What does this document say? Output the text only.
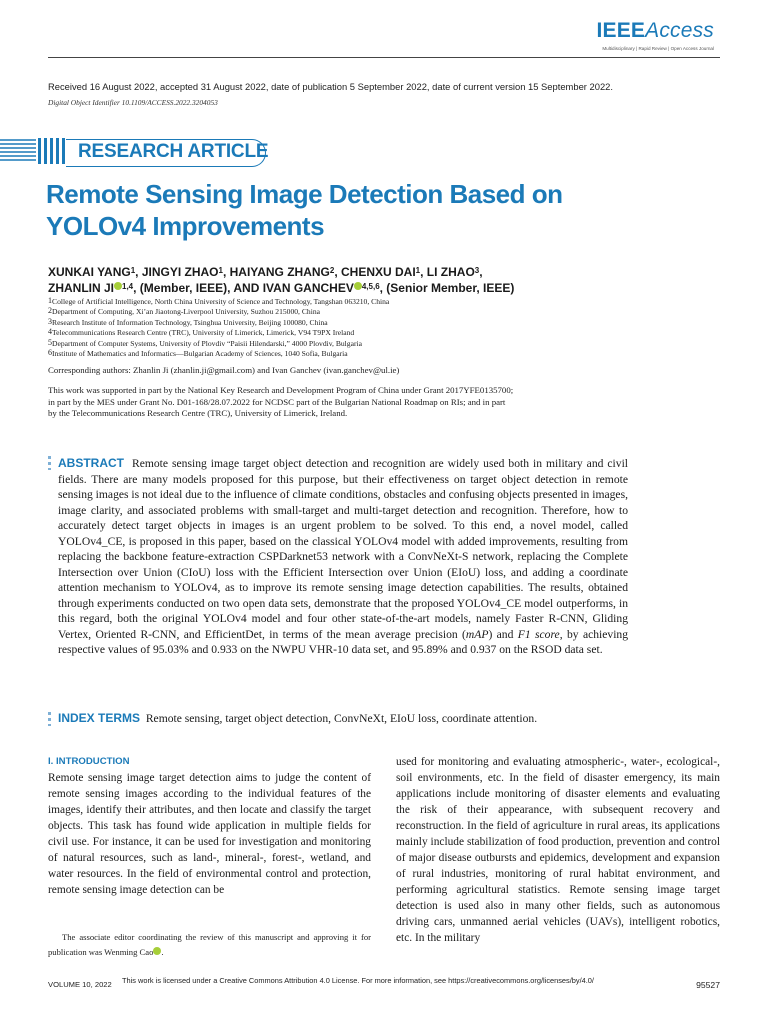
IEEEAccess
Multidisciplinary | Rapid Review | Open Access Journal
Received 16 August 2022, accepted 31 August 2022, date of publication 5 September 2022, date of current version 15 September 2022.
Digital Object Identifier 10.1109/ACCESS.2022.3204053
RESEARCH ARTICLE
Remote Sensing Image Detection Based on
YOLOv4 Improvements
XUNKAI YANG$^1$, JINGYI ZHAO$^1$, HAIYANG ZHANG$^2$, CHENXU DAI$^1$, LI ZHAO$^3$,
ZHANLIN JI $^{1,4}$, (Member, IEEE), AND IVAN GANCHEV $^{4,5,6}$, (Senior Member, IEEE)
$^1$College of Artificial Intelligence, North China University of Science and Technology, Tangshan 063210, China
$^2$Department of Computing, Xi’an Jiaotong-Liverpool University, Suzhou 215000, China
$^3$Research Institute of Information Technology, Tsinghua University, Beijing 100080, China
$^4$Telecommunications Research Centre (TRC), University of Limerick, Limerick, V94 T9PX Ireland
$^5$Department of Computer Systems, University of Plovdiv “Paisii Hilendarski,” 4000 Plovdiv, Bulgaria
$^6$Institute of Mathematics and Informatics—Bulgarian Academy of Sciences, 1040 Sofia, Bulgaria
Corresponding authors: Zhanlin Ji (zhanlin.ji@gmail.com) and Ivan Ganchev (ivan.ganchev@ul.ie)
This work was supported in part by the National Key Research and Development Program of China under Grant 2017YFE0135700;
in part by the MES under Grant No. D01-168/28.07.2022 for NCDSC part of the Bulgarian National Roadmap on RIs; and in part
by the Telecommunications Research Centre (TRC), University of Limerick, Ireland.
ABSTRACT Remote sensing image target object detection and recognition are widely used both in military and civil fields. There are many models proposed for this purpose, but their effectiveness on target object detection in remote sensing images is not ideal due to the influence of climate conditions, obstacles and confusing objects presented in images, image clarity, and associated problems with small-target and multi-target detection and recognition. Therefore, how to accurately detect target objects in images is an urgent problem to be solved. To this end, a novel model, called YOLOv4_CE, is proposed in this paper, based on the classical YOLOv4 model with added improvements, resulting from replacing the backbone feature-extraction CSPDarknet53 network with a ConvNeXt-S network, replacing the Complete Intersection over Union (CIoU) loss with the Efficient Intersection over Union (EIoU) loss, and adding a coordinate attention mechanism to YOLOv4, as to improve its remote sensing image detection capabilities. The results, obtained through experiments conducted on two open data sets, demonstrate that the proposed YOLOv4_CE model outperforms, in this regard, both the original YOLOv4 model and four other state-of-the-art models, namely Faster R-CNN, Gliding Vertex, Oriented R-CNN, and EfficientDet, in terms of the mean average precision (mAP) and F1 score, by achieving respective values of 95.03% and 0.933 on the NWPU VHR-10 data set, and 95.89% and 0.937 on the RSOD data set.
INDEX TERMS Remote sensing, target object detection, ConvNeXt, EIoU loss, coordinate attention.
I. INTRODUCTION
Remote sensing image target detection aims to judge the content of remote sensing images according to the individual features of the images, identify their attributes, and then locate and classify the target objects. This task has found wide application in multiple fields for civil use. For instance, it can be used for investigation and monitoring of natural resources, such as land-, mineral-, forest-, wetland, and water resources. In the field of environmental control and protection, remote sensing image detection can be
used for monitoring and evaluating atmospheric-, water-, ecological-, soil environments, etc. In the field of disaster emergency, its main applications include monitoring of disaster elements and evaluating the risk of their appearance, with subsequent recovery and reconstruction. In the field of agriculture in rural areas, its applications mainly include stabilization of food production, prevention and control of major disease outbursts and epidemics, development and expansion of rural industries, monitoring of rural habitat environment, and performing agricultural statistics. Remote sensing image target detection is used also in many other fields, such as autonomous driving cars, unmanned aerial vehicles (UAVs), intelligent robotics, etc. In the military
The associate editor coordinating the review of this manuscript and approving it for publication was Wenming Cao .
VOLUME 10, 2022 This work is licensed under a Creative Commons Attribution 4.0 License. For more information, see https://creativecommons.org/licenses/by/4.0/	95527
